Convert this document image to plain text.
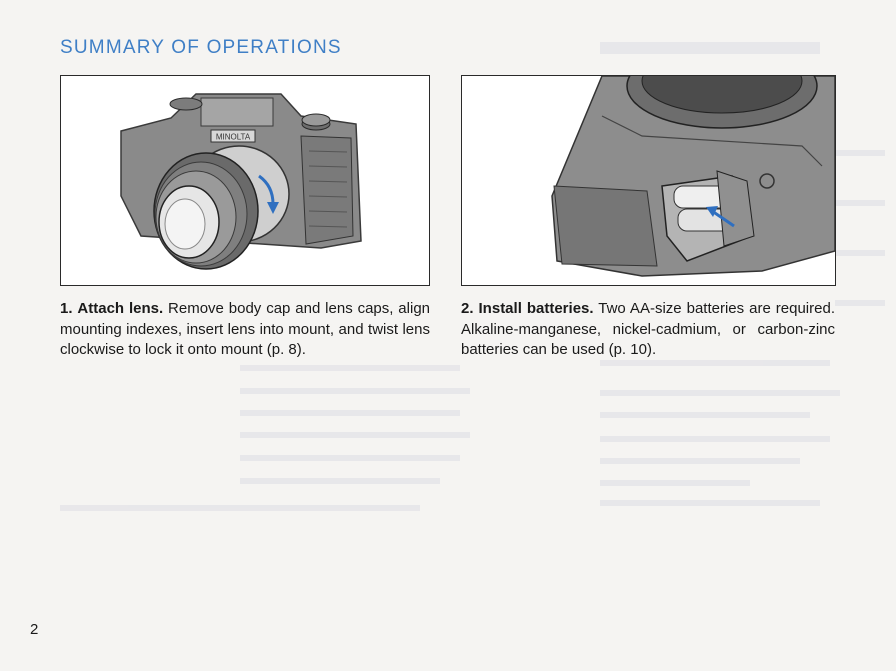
SUMMARY OF OPERATIONS
MINOLTA

1. Attach lens. Remove body cap and lens caps, align mounting indexes, insert lens into mount, and twist lens clockwise to lock it onto mount (p. 8).

2. Install batteries. Two AA-size batteries are required. Alkaline-manganese, nickel-cadmium, or carbon-zinc batteries can be used (p. 10).

2
